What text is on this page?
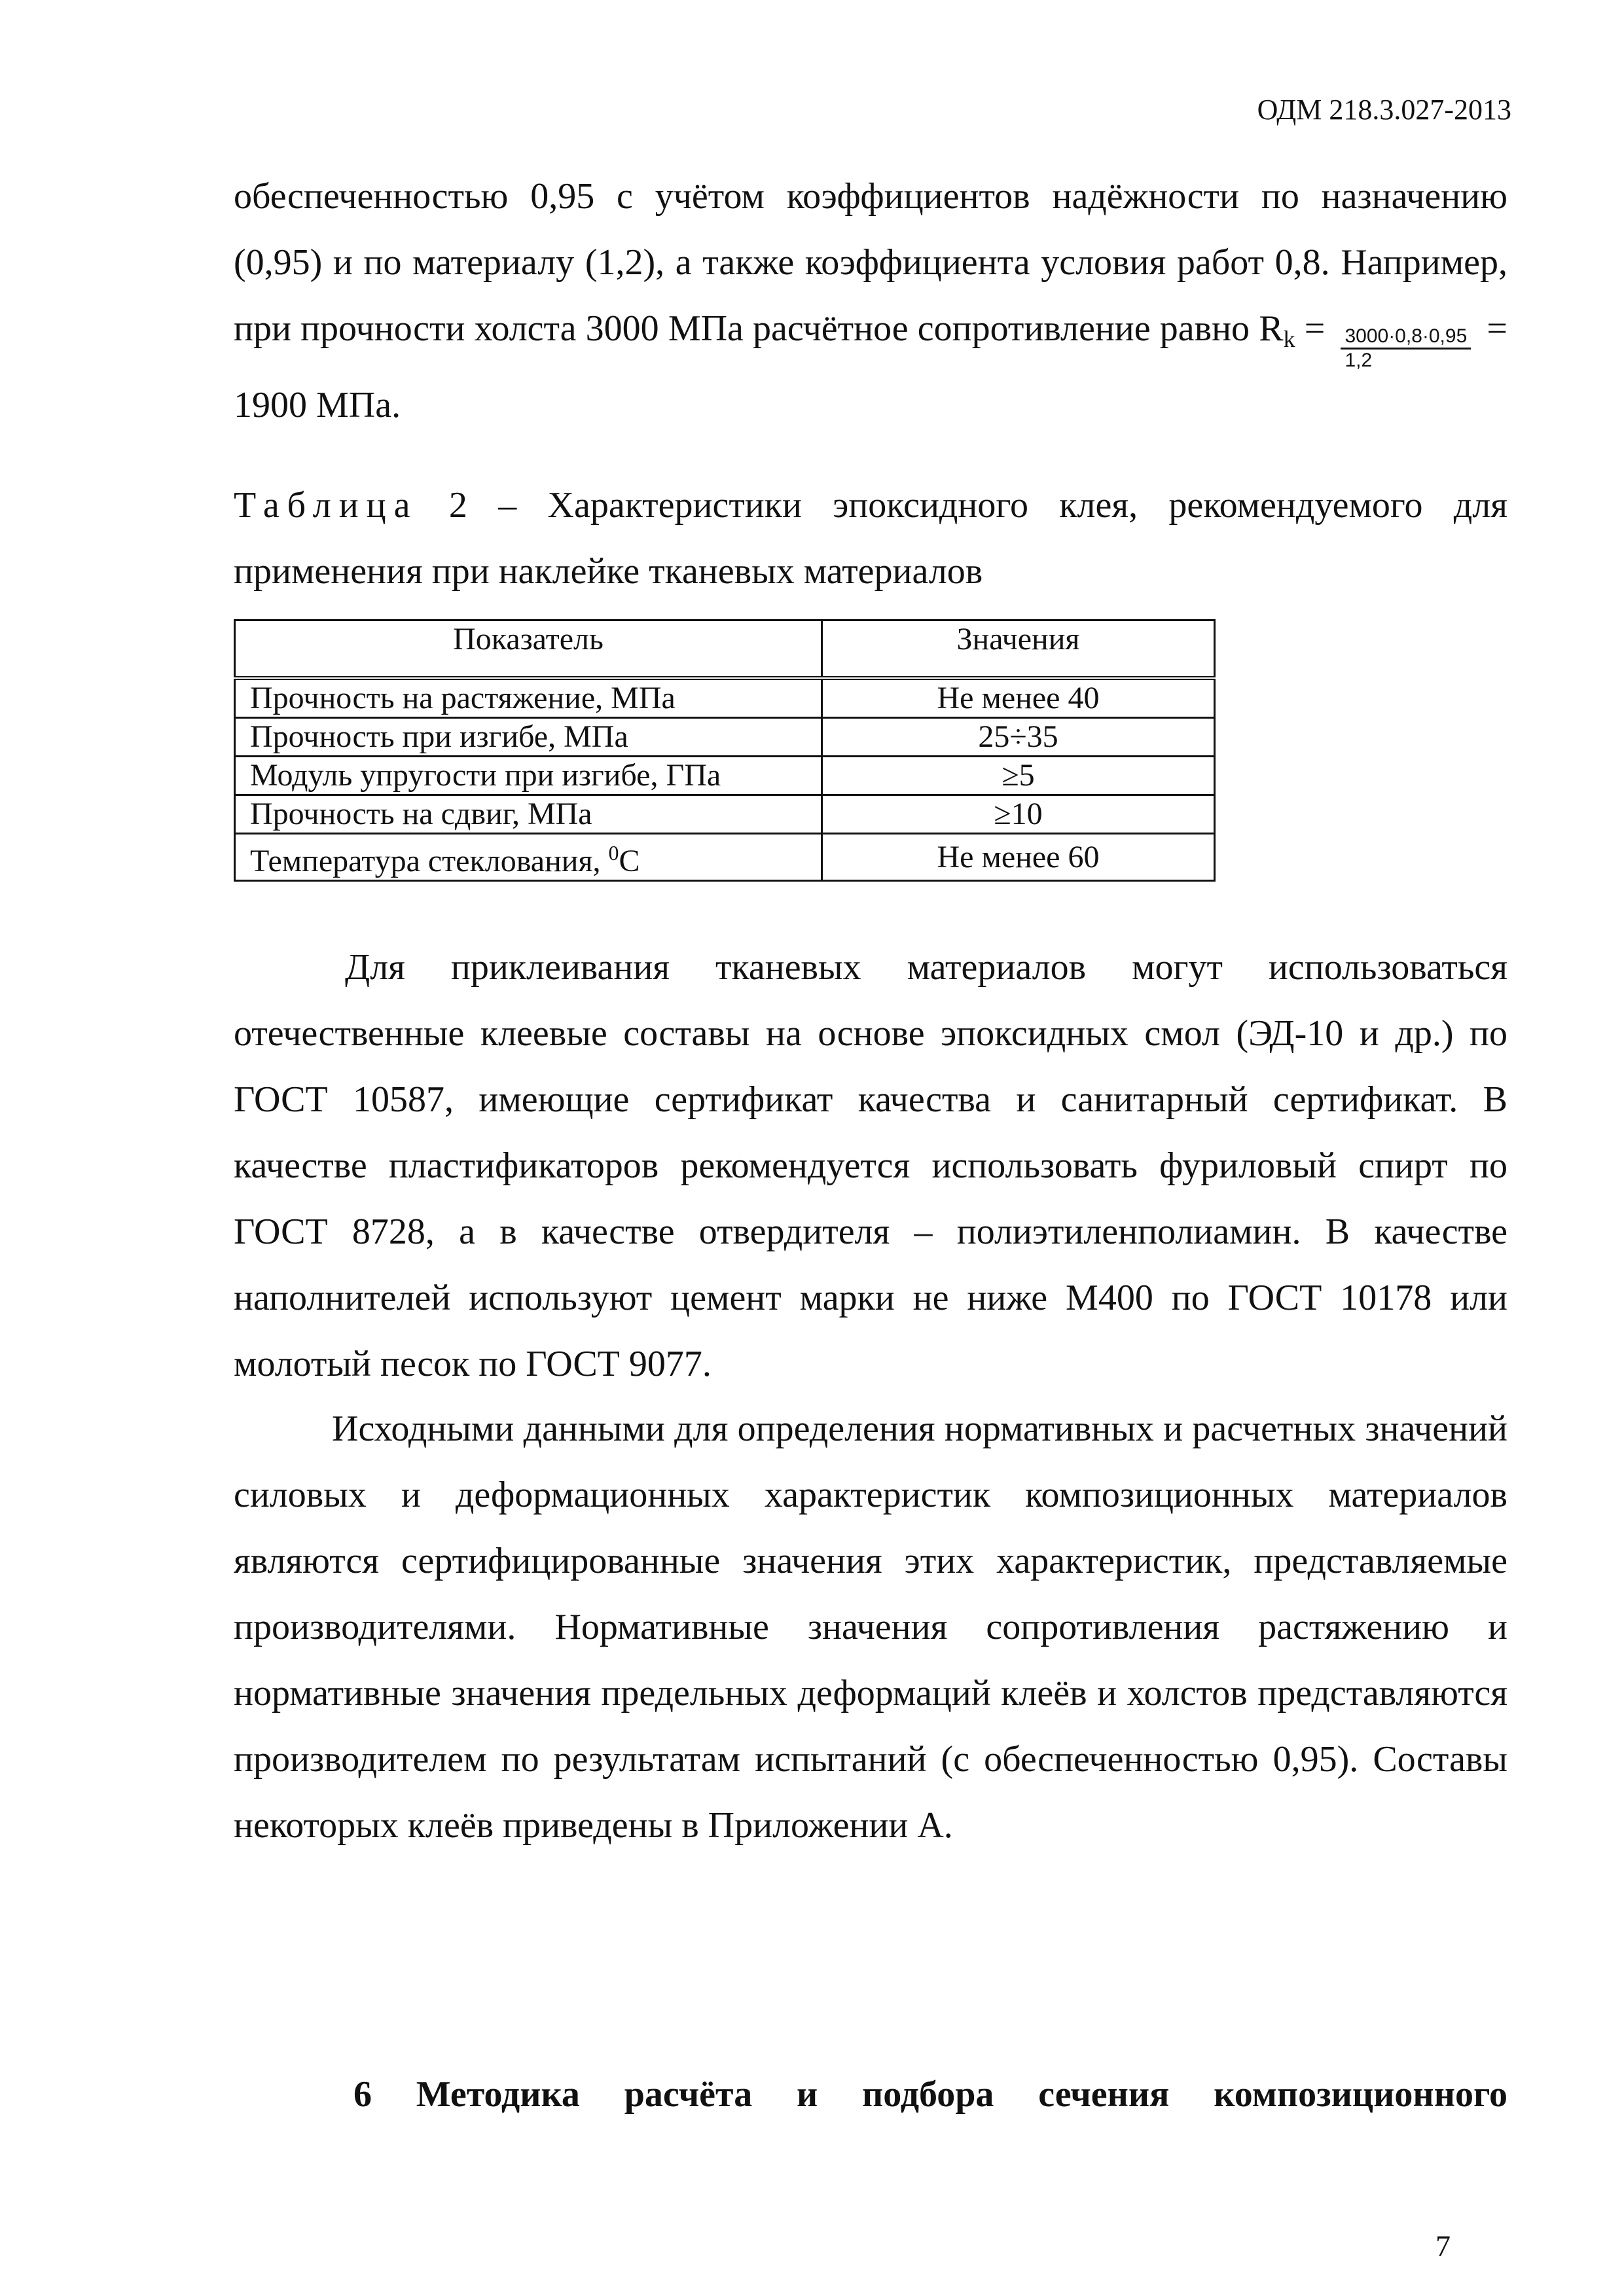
ОДМ 218.3.027-2013
обеспеченностью 0,95 с учётом коэффициентов надёжности по назначению (0,95) и по материалу (1,2), а также коэффициента условия работ 0,8. Например, при прочности холста 3000 МПа расчётное сопротивление равно $R_k = \frac{3000\cdot 0,8\cdot 0,95}{1,2} = 1900$ МПа.
Таблица 2 – Характеристики эпоксидного клея, рекомендуемого для применения при наклейке тканевых материалов
Показатель	Значения
Прочность на растяжение, МПа	Не менее 40
Прочность при изгибе, МПа	25÷35
Модуль упругости при изгибе, ГПа	≥5
Прочность на сдвиг, МПа	≥10
Температура стеклования, $^0$C	Не менее 60
Для приклеивания тканевых материалов могут использоваться отечественные клеевые составы на основе эпоксидных смол (ЭД-10 и др.) по ГОСТ 10587, имеющие сертификат качества и санитарный сертификат. В качестве пластификаторов рекомендуется использовать фуриловый спирт по ГОСТ 8728, а в качестве отвердителя – полиэтиленполиамин. В качестве наполнителей используют цемент марки не ниже М400 по ГОСТ 10178 или молотый песок по ГОСТ 9077.
Исходными данными для определения нормативных и расчетных значений силовых и деформационных характеристик композиционных материалов являются сертифицированные значения этих характеристик, представляемые производителями. Нормативные значения сопротивления растяжению и нормативные значения предельных деформаций клеёв и холстов представляются производителем по результатам испытаний (с обеспеченностью 0,95). Составы некоторых клеёв приведены в Приложении А.
6 Методика расчёта и подбора сечения композиционного
7
